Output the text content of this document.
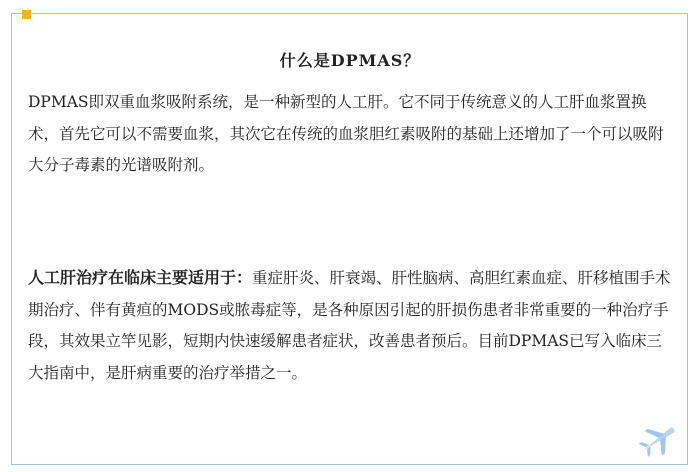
什么是DPMAS？

DPMAS即双重血浆吸附系统，是一种新型的人工肝。它不同于传统意义的人工肝血浆置换术，首先它可以不需要血浆，其次它在传统的血浆胆红素吸附的基础上还增加了一个可以吸附大分子毒素的光谱吸附剂。

人工肝治疗在临床主要适用于：重症肝炎、肝衰竭、肝性脑病、高胆红素血症、肝移植围手术期治疗、伴有黄疸的MODS或脓毒症等，是各种原因引起的肝损伤患者非常重要的一种治疗手段，其效果立竿见影，短期内快速缓解患者症状，改善患者预后。目前DPMAS已写入临床三大指南中，是肝病重要的治疗举措之一。
